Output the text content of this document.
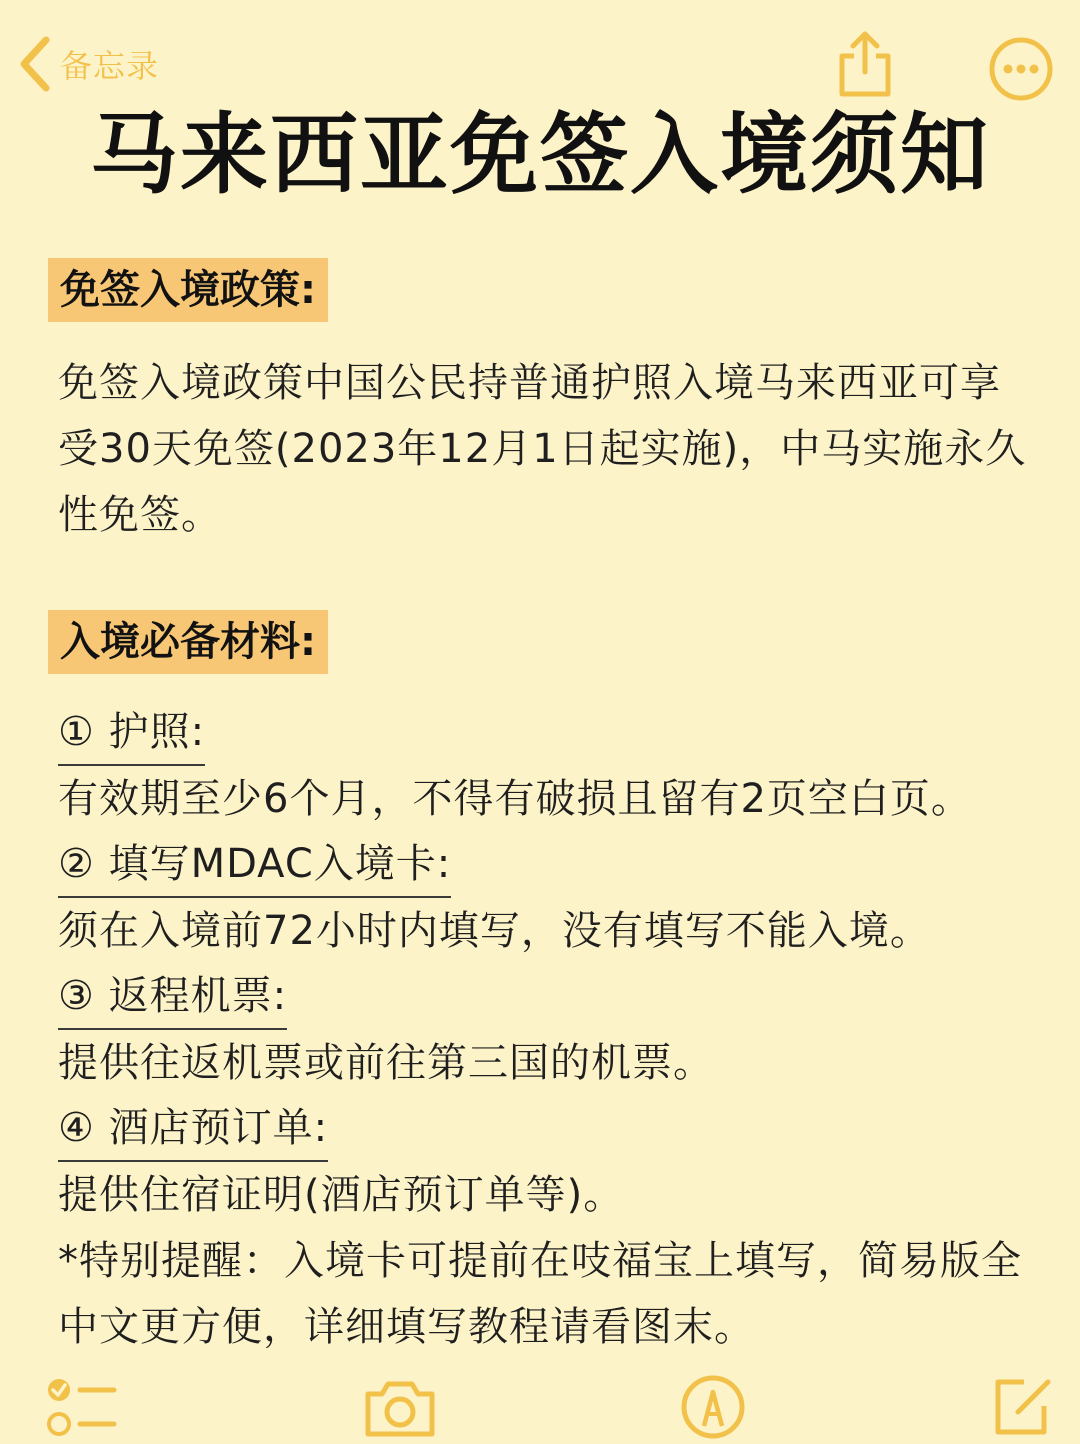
备忘录
马来西亚免签入境须知
免签入境政策:
免签入境政策中国公民持普通护照入境马来西亚可享受30天免签(2023年12月1日起实施)，中马实施永久性免签。
入境必备材料:
① 护照:
有效期至少6个月，不得有破损且留有2页空白页。
② 填写MDAC入境卡:
须在入境前72小时内填写，没有填写不能入境。
③ 返程机票:
提供往返机票或前往第三国的机票。
④ 酒店预订单:
提供住宿证明(酒店预订单等)。
*特别提醒：入境卡可提前在吱福宝上填写，简易版全中文更方便，详细填写教程请看图末。
